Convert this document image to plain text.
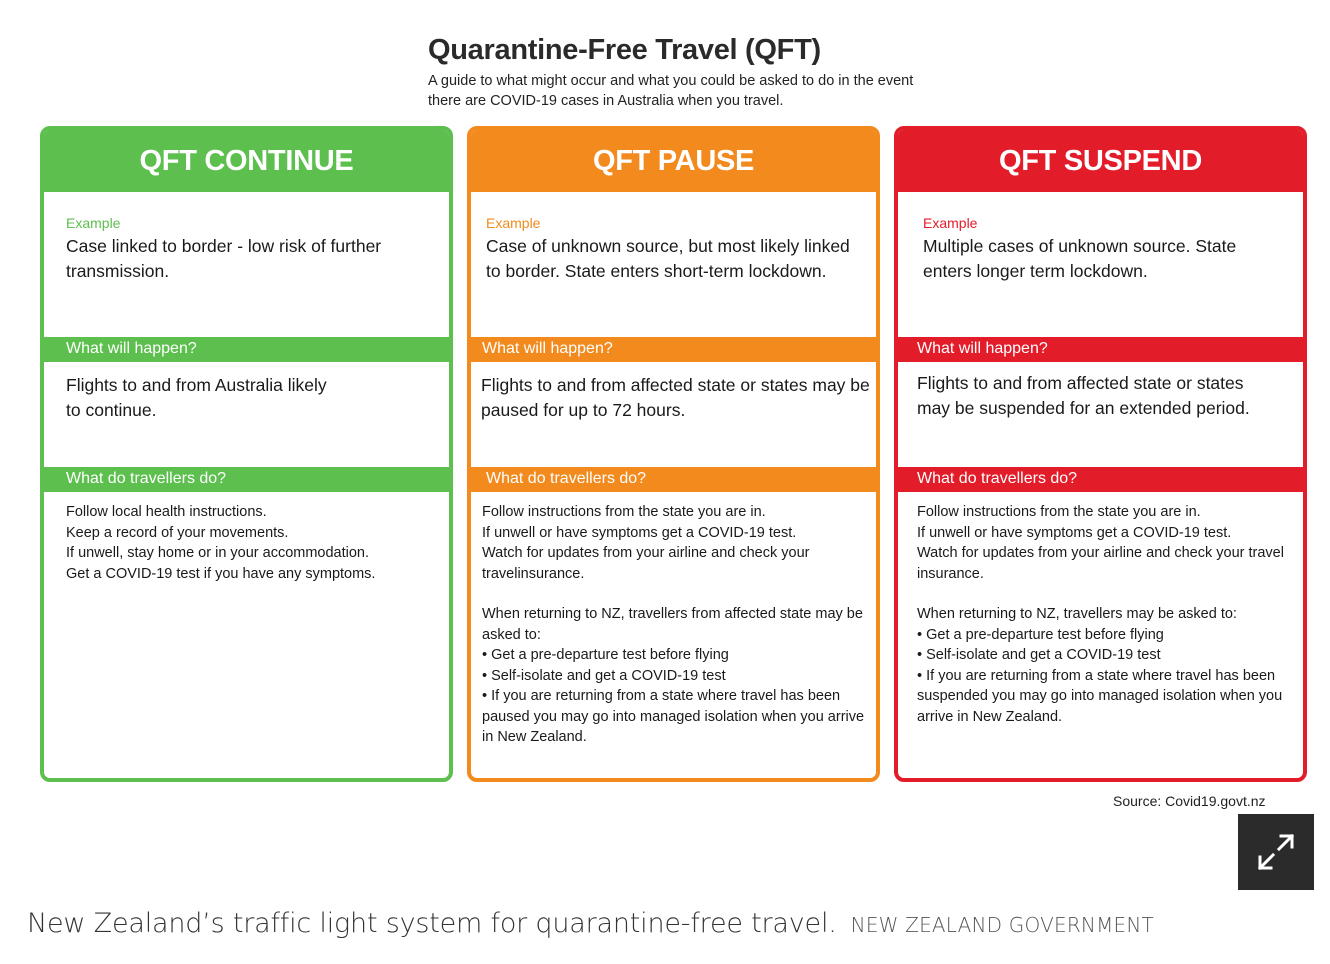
Quarantine-Free Travel (QFT)
A guide to what might occur and what you could be asked to do in the event there are COVID-19 cases in Australia when you travel.
QFT CONTINUE
Example
Case linked to border - low risk of further transmission.
What will happen?
Flights to and from Australia likely to continue.
What do travellers do?
Follow local health instructions.
Keep a record of your movements.
If unwell, stay home or in your accommodation.
Get a COVID-19 test if you have any symptoms.
QFT PAUSE
Example
Case of unknown source, but most likely linked to border. State enters short-term lockdown.
What will happen?
Flights to and from affected state or states may be paused for up to 72 hours.
What do travellers do?
Follow instructions from the state you are in.
If unwell or have symptoms get a COVID-19 test.
Watch for updates from your airline and check your travelinsurance.
When returning to NZ, travellers from affected state may be asked to:
• Get a pre-departure test before flying
• Self-isolate and get a COVID-19 test
• If you are returning from a state where travel has been paused you may go into managed isolation when you arrive in New Zealand.
QFT SUSPEND
Example
Multiple cases of unknown source. State enters longer term lockdown.
What will happen?
Flights to and from affected state or states may be suspended for an extended period.
What do travellers do?
Follow instructions from the state you are in.
If unwell or have symptoms get a COVID-19 test.
Watch for updates from your airline and check your travel insurance.
When returning to NZ, travellers may be asked to:
• Get a pre-departure test before flying
• Self-isolate and get a COVID-19 test
• If you are returning from a state where travel has been suspended you may go into managed isolation when you arrive in New Zealand.
Source: Covid19.govt.nz
New Zealand’s traffic light system for quarantine-free travel. NEW ZEALAND GOVERNMENT
